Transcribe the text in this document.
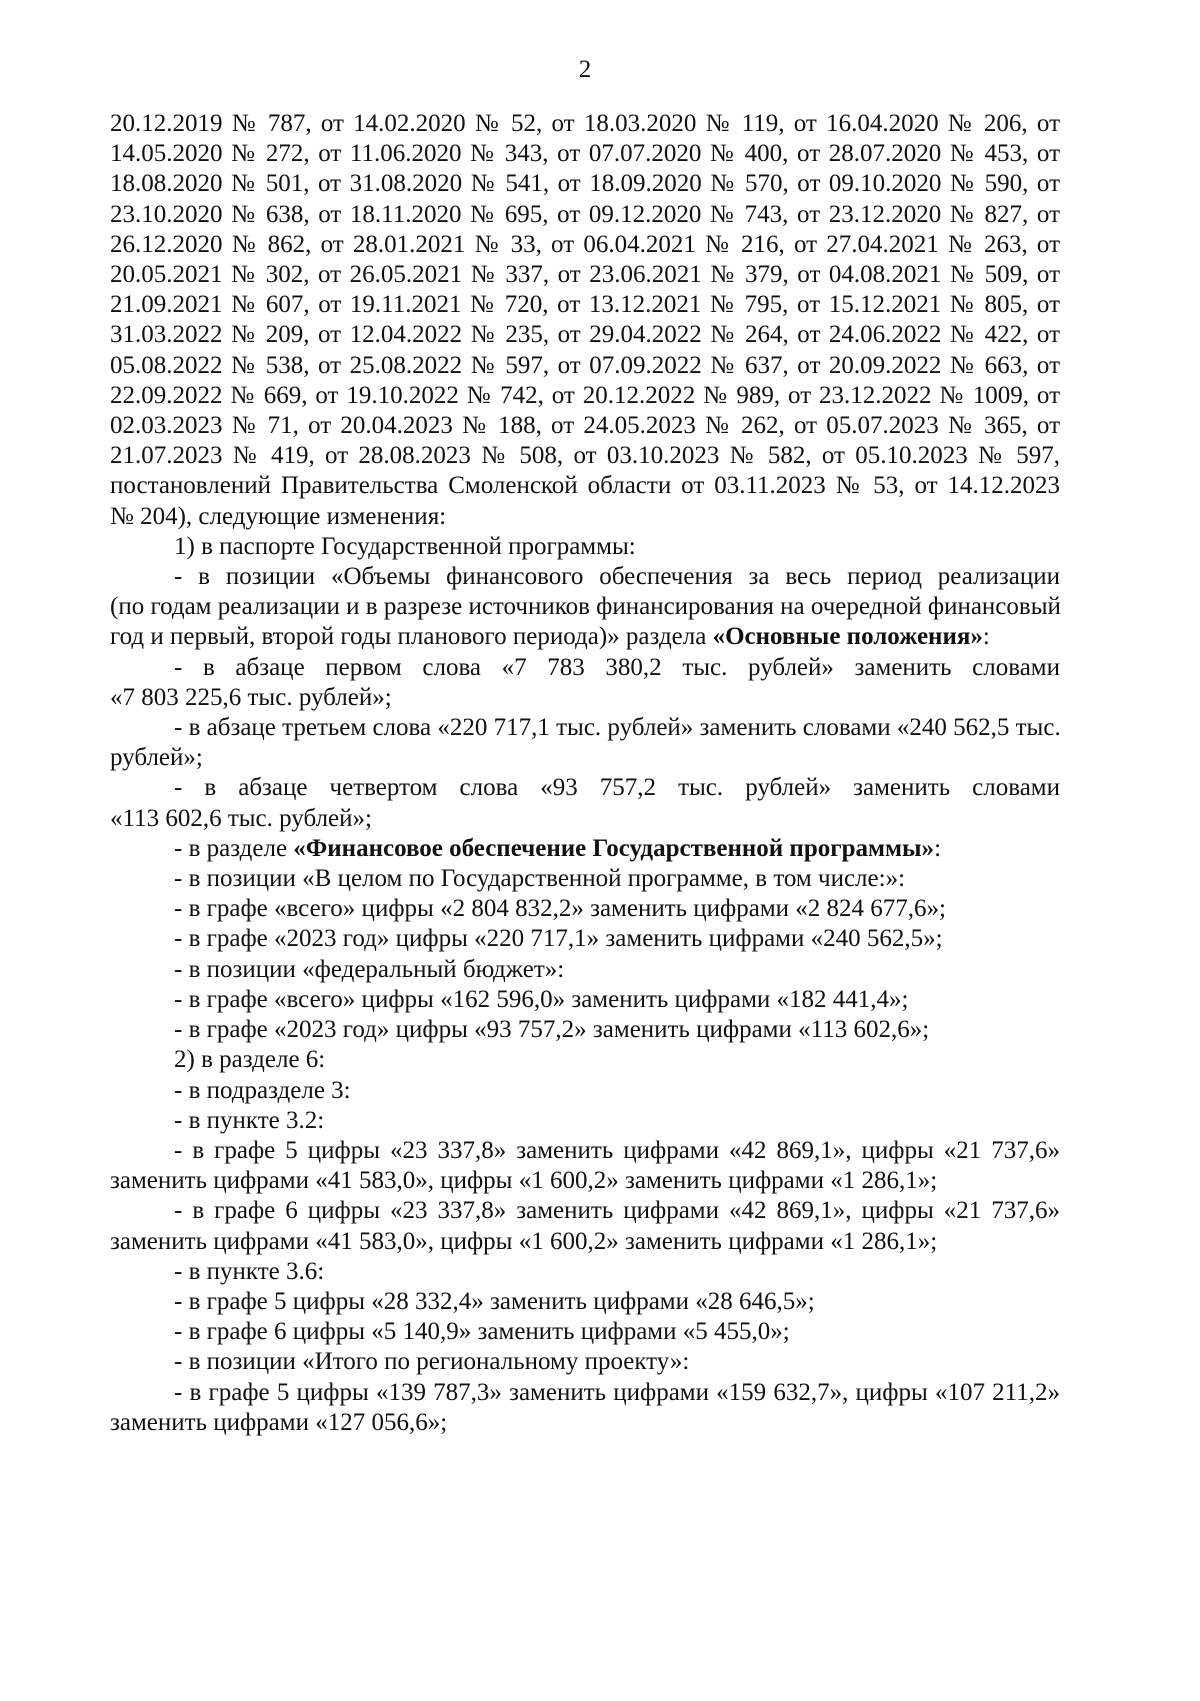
2
20.12.2019 № 787, от 14.02.2020 № 52, от 18.03.2020 № 119, от 16.04.2020 № 206, от
14.05.2020 № 272, от 11.06.2020 № 343, от 07.07.2020 № 400, от 28.07.2020 № 453, от
18.08.2020 № 501, от 31.08.2020 № 541, от 18.09.2020 № 570, от 09.10.2020 № 590, от
23.10.2020 № 638, от 18.11.2020 № 695, от 09.12.2020 № 743, от 23.12.2020 № 827, от
26.12.2020 № 862, от 28.01.2021 № 33, от 06.04.2021 № 216, от 27.04.2021 № 263, от
20.05.2021 № 302, от 26.05.2021 № 337, от 23.06.2021 № 379, от 04.08.2021 № 509, от
21.09.2021 № 607, от 19.11.2021 № 720, от 13.12.2021 № 795, от 15.12.2021 № 805, от
31.03.2022 № 209, от 12.04.2022 № 235, от 29.04.2022 № 264, от 24.06.2022 № 422, от
05.08.2022 № 538, от 25.08.2022 № 597, от 07.09.2022 № 637, от 20.09.2022 № 663, от
22.09.2022 № 669, от 19.10.2022 № 742, от 20.12.2022 № 989, от 23.12.2022 № 1009, от
02.03.2023 № 71, от 20.04.2023 № 188, от 24.05.2023 № 262, от 05.07.2023 № 365, от
21.07.2023 № 419, от 28.08.2023 № 508, от 03.10.2023 № 582, от 05.10.2023 № 597,
постановлений Правительства Смоленской области от 03.11.2023 № 53, от 14.12.2023
№ 204), следующие изменения:
1) в паспорте Государственной программы:
- в позиции «Объемы финансового обеспечения за весь период реализации
(по годам реализации и в разрезе источников финансирования на очередной финансовый
год и первый, второй годы планового периода)» раздела «Основные положения»:
- в абзаце первом слова «7 783 380,2 тыс. рублей» заменить словами
«7 803 225,6 тыс. рублей»;
- в абзаце третьем слова «220 717,1 тыс. рублей» заменить словами «240 562,5 тыс.
рублей»;
- в абзаце четвертом слова «93 757,2 тыс. рублей» заменить словами
«113 602,6 тыс. рублей»;
- в разделе «Финансовое обеспечение Государственной программы»:
- в позиции «В целом по Государственной программе, в том числе:»:
- в графе «всего» цифры «2 804 832,2» заменить цифрами «2 824 677,6»;
- в графе «2023 год» цифры «220 717,1» заменить цифрами «240 562,5»;
- в позиции «федеральный бюджет»:
- в графе «всего» цифры «162 596,0» заменить цифрами «182 441,4»;
- в графе «2023 год» цифры «93 757,2» заменить цифрами «113 602,6»;
2) в разделе 6:
- в подразделе 3:
- в пункте 3.2:
- в графе 5 цифры «23 337,8» заменить цифрами «42 869,1», цифры «21 737,6»
заменить цифрами «41 583,0», цифры «1 600,2» заменить цифрами «1 286,1»;
- в графе 6 цифры «23 337,8» заменить цифрами «42 869,1», цифры «21 737,6»
заменить цифрами «41 583,0», цифры «1 600,2» заменить цифрами «1 286,1»;
- в пункте 3.6:
- в графе 5 цифры «28 332,4» заменить цифрами «28 646,5»;
- в графе 6 цифры «5 140,9» заменить цифрами «5 455,0»;
- в позиции «Итого по региональному проекту»:
- в графе 5 цифры «139 787,3» заменить цифрами «159 632,7», цифры «107 211,2»
заменить цифрами «127 056,6»;
